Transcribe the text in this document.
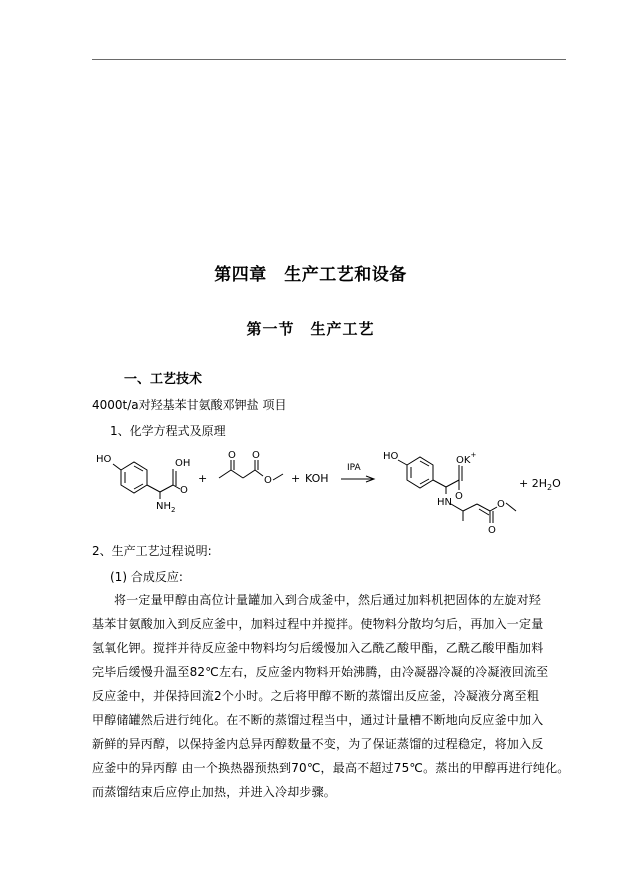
第四章　生产工艺和设备
第一节　生产工艺
一、工艺技术
4000t/a对羟基苯甘氨酸邓钾盐 项目
1、化学方程式及原理
HO	OH
O
$NH_2$
+
O O
O + KOH
IPA
HO	OK+
O
HN	O
O
+ $2H_2O$
2、生产工艺过程说明:
(1) 合成反应:
将一定量甲醇由高位计量罐加入到合成釜中，然后通过加料机把固体的左旋对羟
基苯甘氨酸加入到反应釜中，加料过程中并搅拌。使物料分散均匀后，再加入一定量
氢氧化钾。搅拌并待反应釜中物料均匀后缓慢加入乙酰乙酸甲酯，乙酰乙酸甲酯加料
完毕后缓慢升温至82℃左右，反应釜内物料开始沸腾，由冷凝器冷凝的冷凝液回流至
反应釜中，并保持回流2个小时。之后将甲醇不断的蒸馏出反应釜，冷凝液分离至粗
甲醇储罐然后进行纯化。在不断的蒸馏过程当中，通过计量槽不断地向反应釜中加入
新鲜的异丙醇，以保持釜内总异丙醇数量不变，为了保证蒸馏的过程稳定，将加入反
应釜中的异丙醇 由一个换热器预热到70℃，最高不超过75℃。蒸出的甲醇再进行纯化。
而蒸馏结束后应停止加热，并进入冷却步骤。
